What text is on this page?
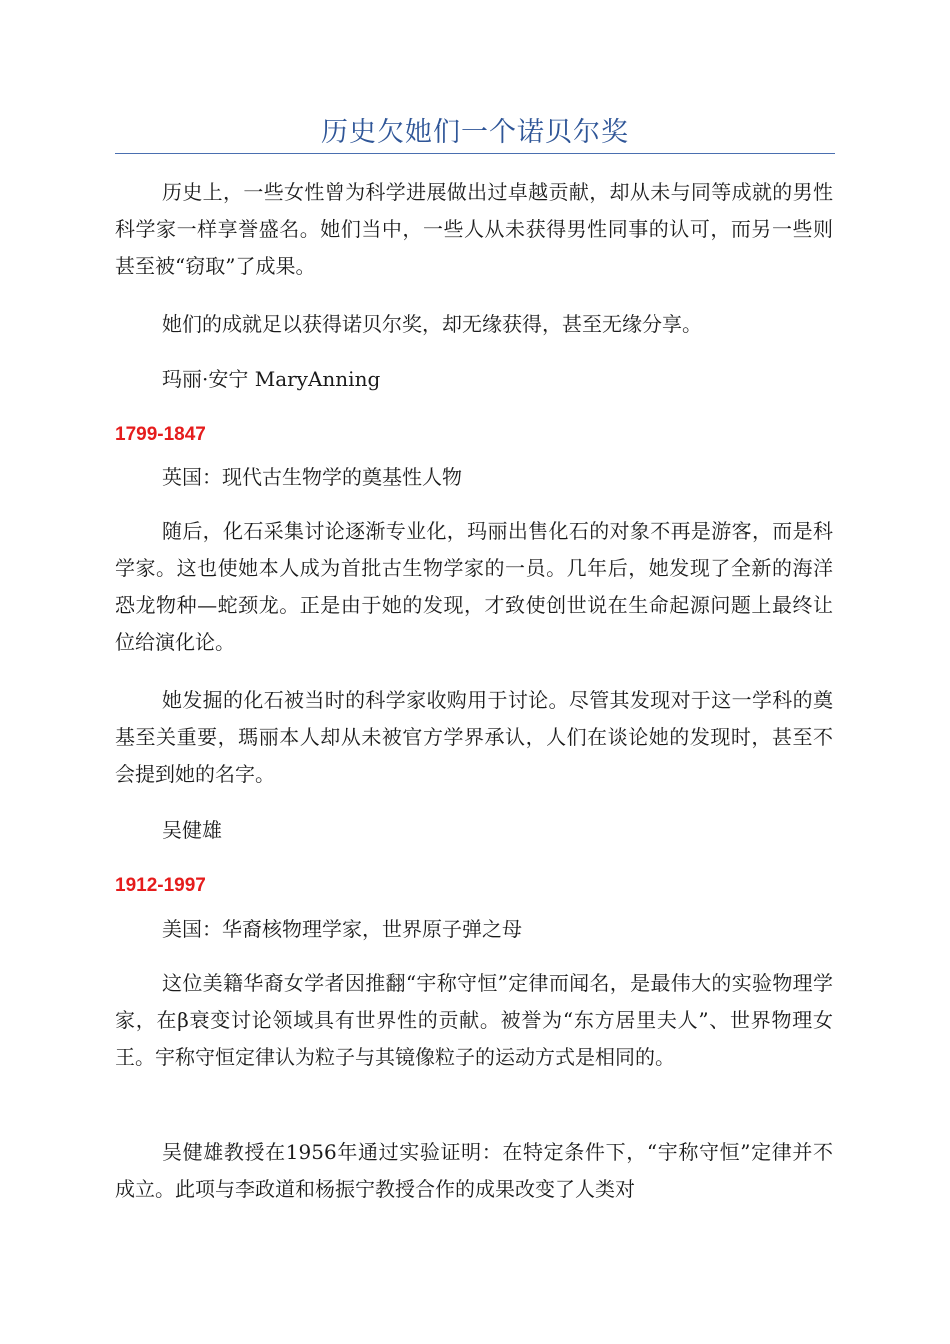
历史欠她们一个诺贝尔奖

历史上，一些女性曾为科学进展做出过卓越贡献，却从未与同等成就的男性科学家一样享誉盛名。她们当中，一些人从未获得男性同事的认可，而另一些则甚至被“窃取”了成果。

她们的成就足以获得诺贝尔奖，却无缘获得，甚至无缘分享。

玛丽·安宁 MaryAnning

1799-1847

英国：现代古生物学的奠基性人物

随后，化石采集讨论逐渐专业化，玛丽出售化石的对象不再是游客，而是科学家。这也使她本人成为首批古生物学家的一员。几年后，她发现了全新的海洋恐龙物种—蛇颈龙。正是由于她的发现，才致使创世说在生命起源问题上最终让位给演化论。

她发掘的化石被当时的科学家收购用于讨论。尽管其发现对于这一学科的奠基至关重要，瑪丽本人却从未被官方学界承认，人们在谈论她的发现时，甚至不会提到她的名字。

吴健雄

1912-1997

美国：华裔核物理学家，世界原子弹之母

这位美籍华裔女学者因推翻“宇称守恒”定律而闻名，是最伟大的实验物理学家，在β衰变讨论领域具有世界性的贡献。被誉为“东方居里夫人”、世界物理女王。宇称守恒定律认为粒子与其镜像粒子的运动方式是相同的。

吴健雄教授在1956年通过实验证明：在特定条件下，“宇称守恒”定律并不成立。此项与李政道和杨振宁教授合作的成果改变了人类对
